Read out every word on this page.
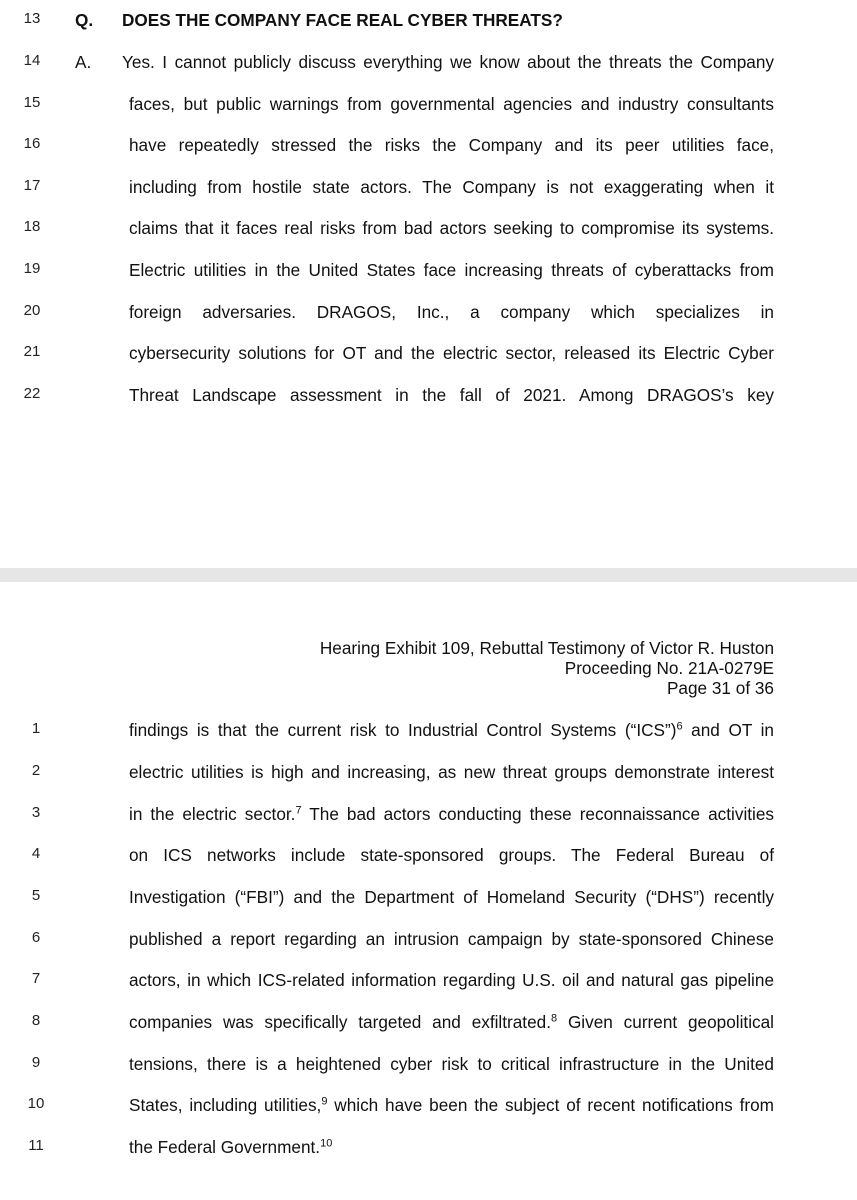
13	Q. DOES THE COMPANY FACE REAL CYBER THREATS?
14	A. Yes. I cannot publicly discuss everything we know about the threats the Company
15	faces, but public warnings from governmental agencies and industry consultants
16	have repeatedly stressed the risks the Company and its peer utilities face,
17	including from hostile state actors. The Company is not exaggerating when it
18	claims that it faces real risks from bad actors seeking to compromise its systems.
19	Electric utilities in the United States face increasing threats of cyberattacks from
20	foreign adversaries. DRAGOS, Inc., a company which specializes in
21	cybersecurity solutions for OT and the electric sector, released its Electric Cyber
22	Threat Landscape assessment in the fall of 2021. Among DRAGOS’s key
Hearing Exhibit 109, Rebuttal Testimony of Victor R. Huston
Proceeding No. 21A-0279E
Page 31 of 36
1	findings is that the current risk to Industrial Control Systems (“ICS”)$^6$ and OT in
2	electric utilities is high and increasing, as new threat groups demonstrate interest
3	in the electric sector.$^7$ The bad actors conducting these reconnaissance activities
4	on ICS networks include state-sponsored groups. The Federal Bureau of
5	Investigation (“FBI”) and the Department of Homeland Security (“DHS”) recently
6	published a report regarding an intrusion campaign by state-sponsored Chinese
7	actors, in which ICS-related information regarding U.S. oil and natural gas pipeline
8	companies was specifically targeted and exfiltrated.$^8$ Given current geopolitical
9	tensions, there is a heightened cyber risk to critical infrastructure in the United
10	States, including utilities,$^9$ which have been the subject of recent notifications from
11	the Federal Government.$^{10}$
